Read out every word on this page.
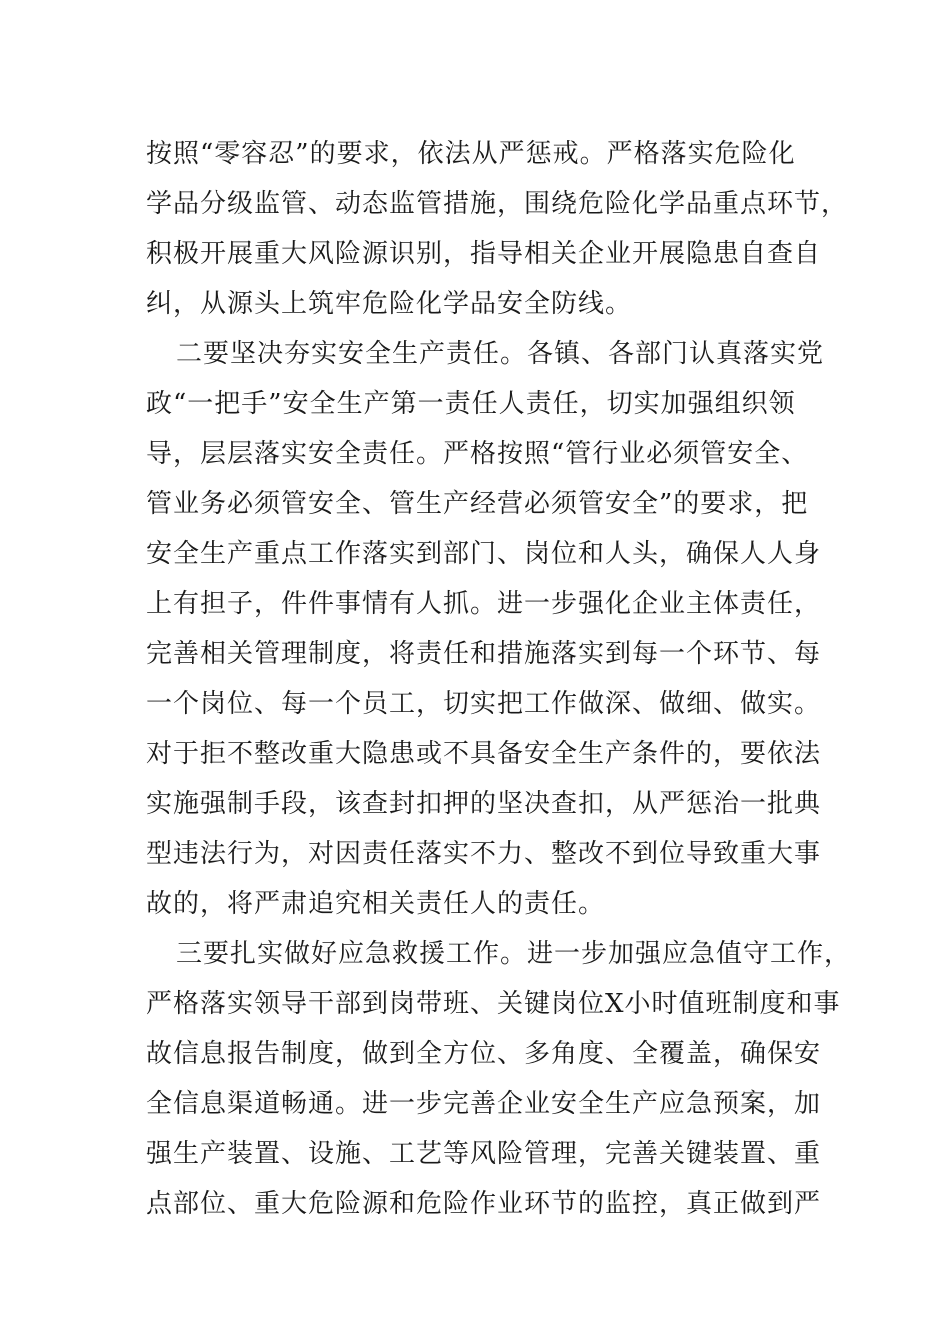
按照“零容忍”的要求，依法从严惩戒。严格落实危险化
学品分级监管、动态监管措施，围绕危险化学品重点环节，
积极开展重大风险源识别，指导相关企业开展隐患自查自
纠，从源头上筑牢危险化学品安全防线。
二要坚决夯实安全生产责任。各镇、各部门认真落实党
政“一把手”安全生产第一责任人责任，切实加强组织领
导，层层落实安全责任。严格按照“管行业必须管安全、
管业务必须管安全、管生产经营必须管安全”的要求，把
安全生产重点工作落实到部门、岗位和人头，确保人人身
上有担子，件件事情有人抓。进一步强化企业主体责任，
完善相关管理制度，将责任和措施落实到每一个环节、每
一个岗位、每一个员工，切实把工作做深、做细、做实。
对于拒不整改重大隐患或不具备安全生产条件的，要依法
实施强制手段，该查封扣押的坚决查扣，从严惩治一批典
型违法行为，对因责任落实不力、整改不到位导致重大事
故的，将严肃追究相关责任人的责任。
三要扎实做好应急救援工作。进一步加强应急值守工作，
严格落实领导干部到岗带班、关键岗位X小时值班制度和事
故信息报告制度，做到全方位、多角度、全覆盖，确保安
全信息渠道畅通。进一步完善企业安全生产应急预案，加
强生产装置、设施、工艺等风险管理，完善关键装置、重
点部位、重大危险源和危险作业环节的监控，真正做到严
